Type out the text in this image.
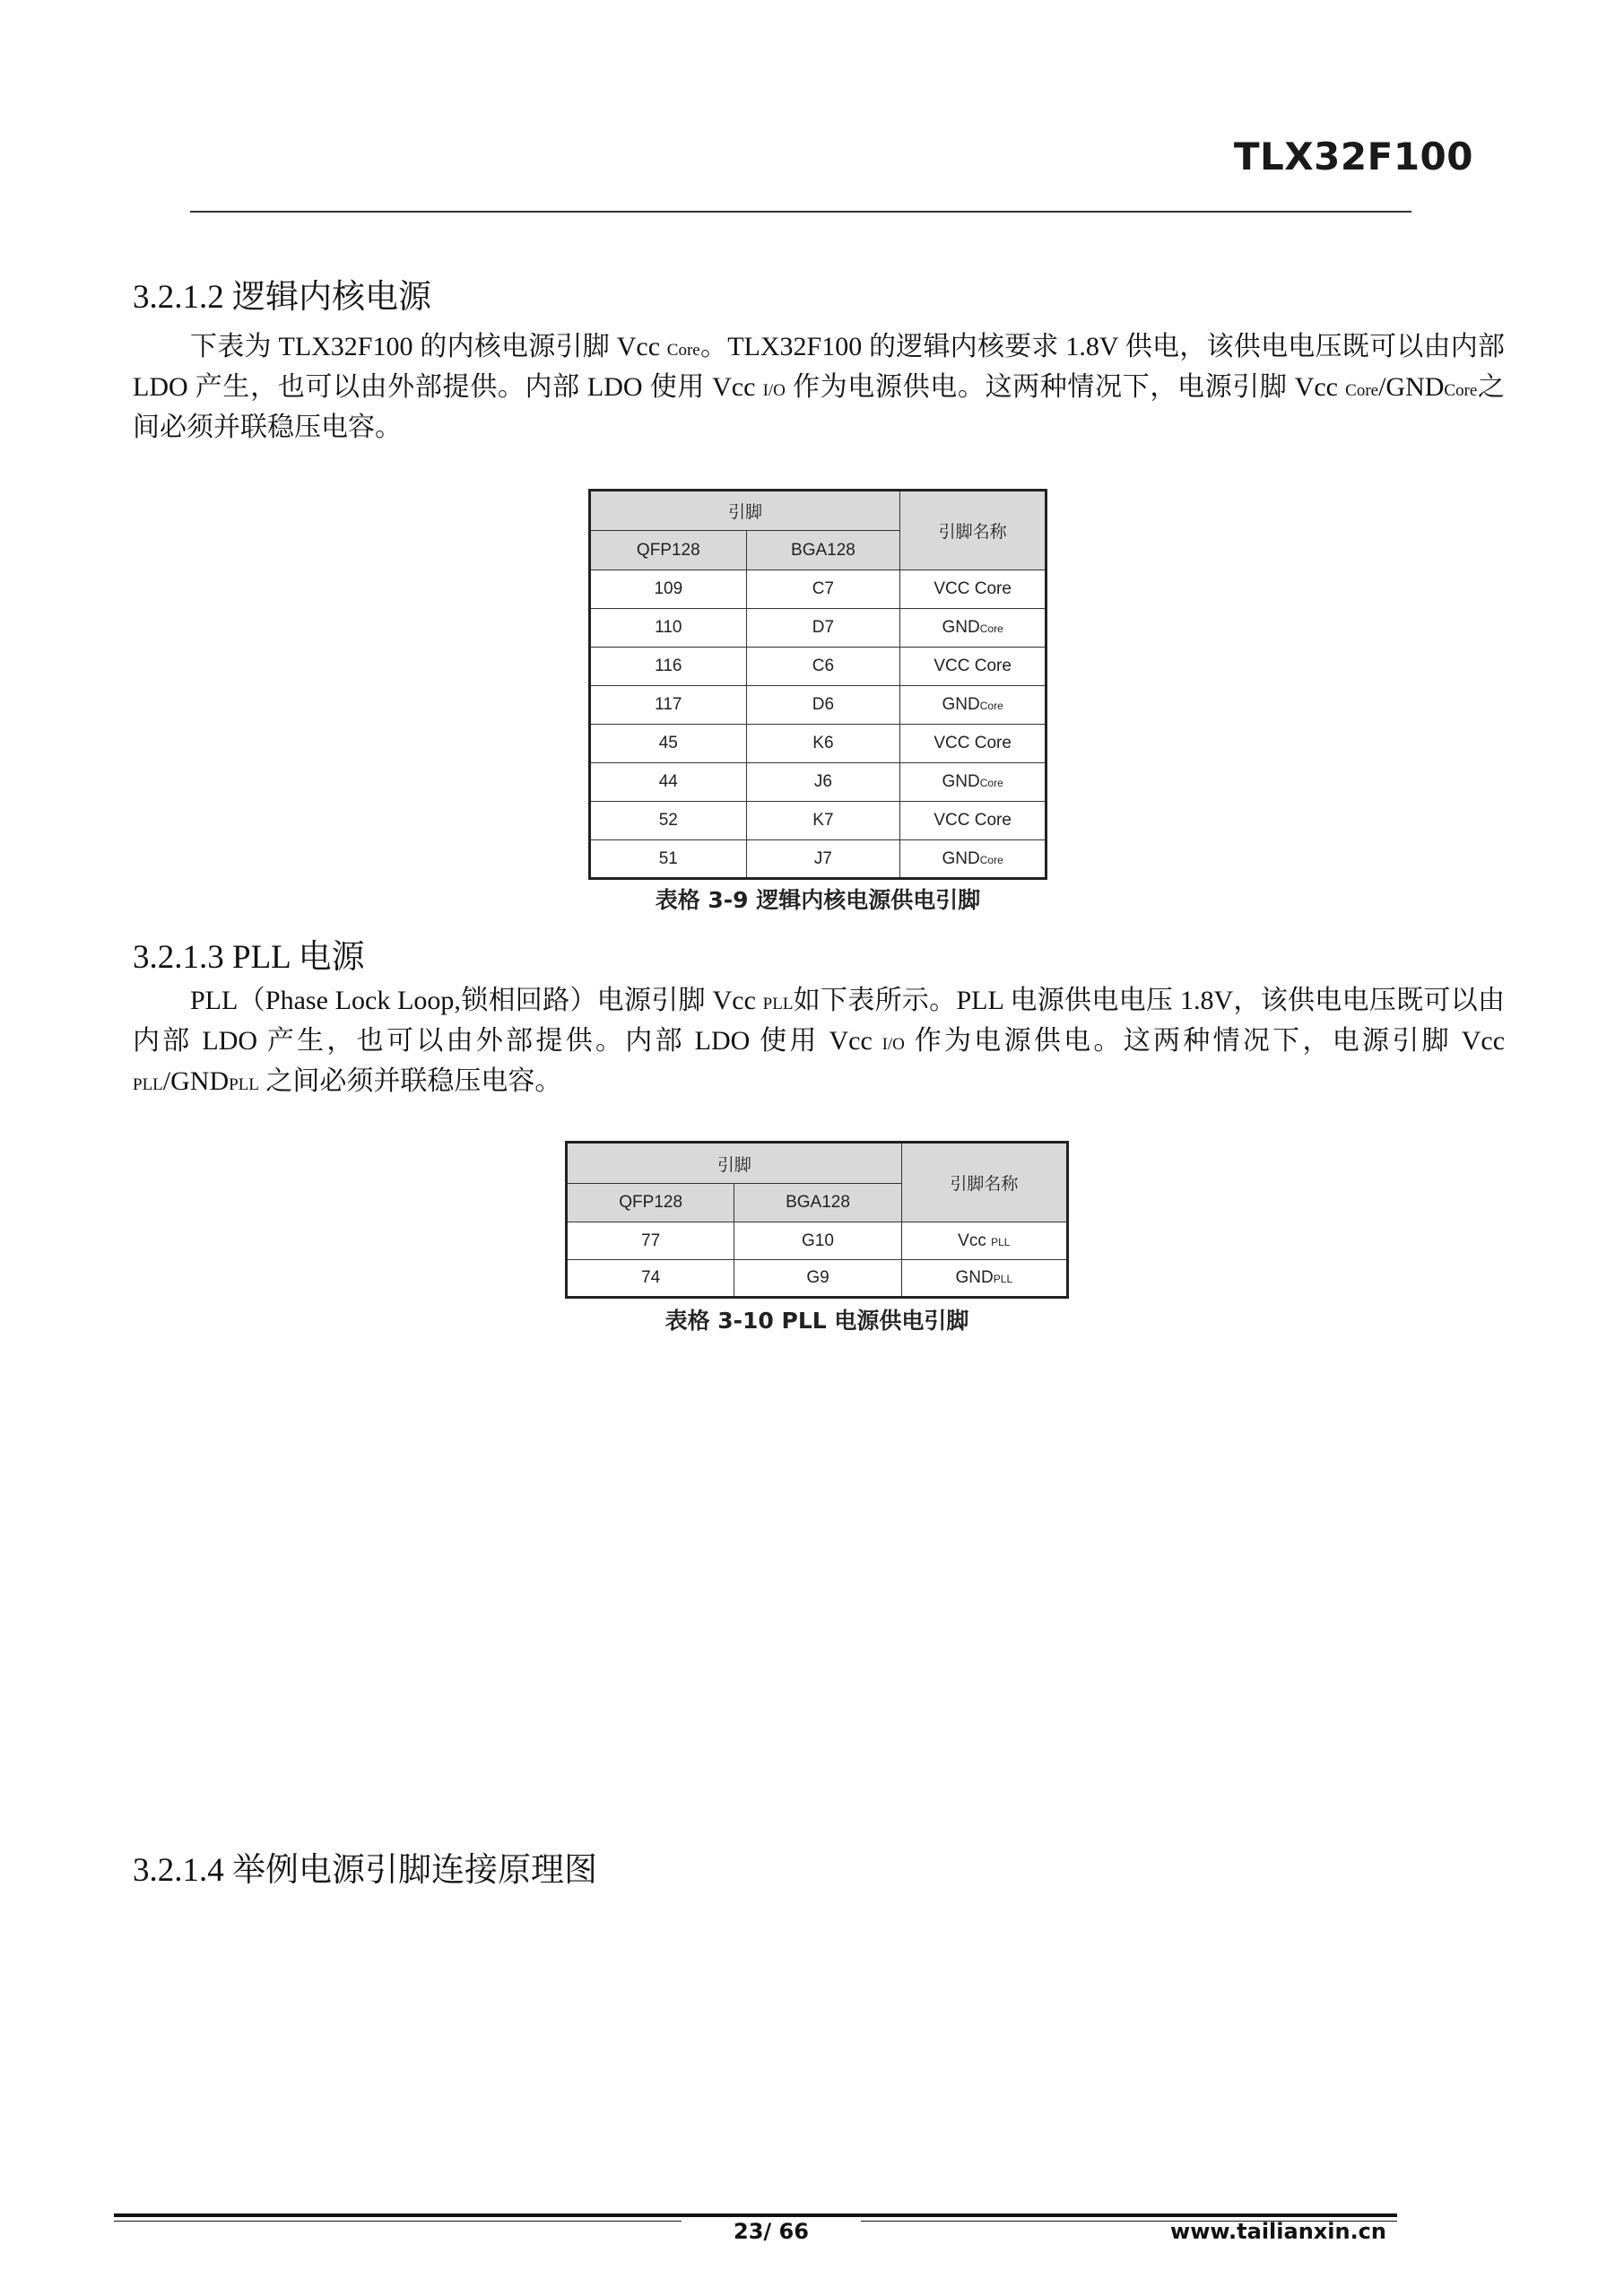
TLX32F100
3.2.1.2 逻辑内核电源

下表为 TLX32F100 的内核电源引脚 Vcc Core。TLX32F100 的逻辑内核要求 1.8V 供电，该供电电压既可以由内部 LDO 产生，也可以由外部提供。内部 LDO 使用 Vcc I/O 作为电源供电。这两种情况下，电源引脚 Vcc Core/GNDCore之间必须并联稳压电容。

引脚		引脚名称
QFP128	BGA128	
109	C7	VCC Core
110	D7	GNDCore
116	C6	VCC Core
117	D6	GNDCore
45	K6	VCC Core
44	J6	GNDCore
52	K7	VCC Core
51	J7	GNDCore
表格 3-9 逻辑内核电源供电引脚
3.2.1.3 PLL 电源

PLL（Phase Lock Loop,锁相回路）电源引脚 Vcc PLL如下表所示。PLL 电源供电电压 1.8V，该供电电压既可以由内部 LDO 产生，也可以由外部提供。内部 LDO 使用 Vcc I/O 作为电源供电。这两种情况下，电源引脚 Vcc PLL/GNDPLL 之间必须并联稳压电容。

引脚		引脚名称
QFP128	BGA128	
77	G10	Vcc PLL
74	G9	GNDPLL
表格 3-10 PLL 电源供电引脚
3.2.1.4 举例电源引脚连接原理图
23/ 66	www.tailianxin.cn
